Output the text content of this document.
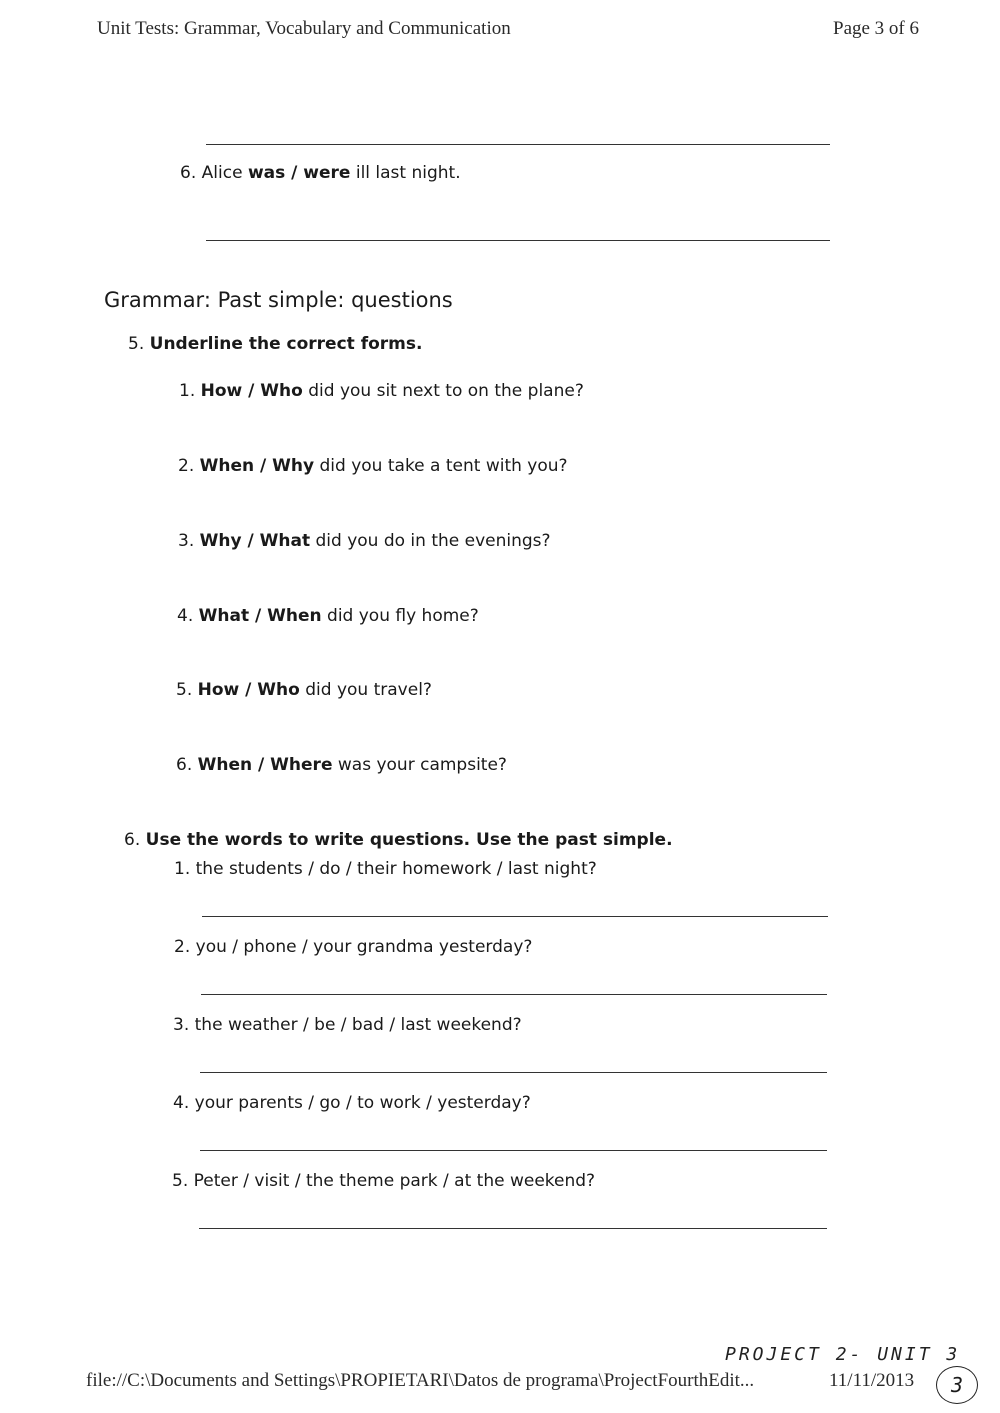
Unit Tests: Grammar, Vocabulary and Communication	Page 3 of 6
6. Alice was / were ill last night.
Grammar: Past simple: questions
5. Underline the correct forms.
1. How / Who did you sit next to on the plane?
2. When / Why did you take a tent with you?
3. Why / What did you do in the evenings?
4. What / When did you fly home?
5. How / Who did you travel?
6. When / Where was your campsite?
6. Use the words to write questions. Use the past simple.
1. the students / do / their homework / last night?
2. you / phone / your grandma yesterday?
3. the weather / be / bad / last weekend?
4. your parents / go / to work / yesterday?
5. Peter / visit / the theme park / at the weekend?
PROJECT 2- UNIT 3
file://C:\Documents and Settings\PROPIETARI\Datos de programa\ProjectFourthEdit...	11/11/2013	3
